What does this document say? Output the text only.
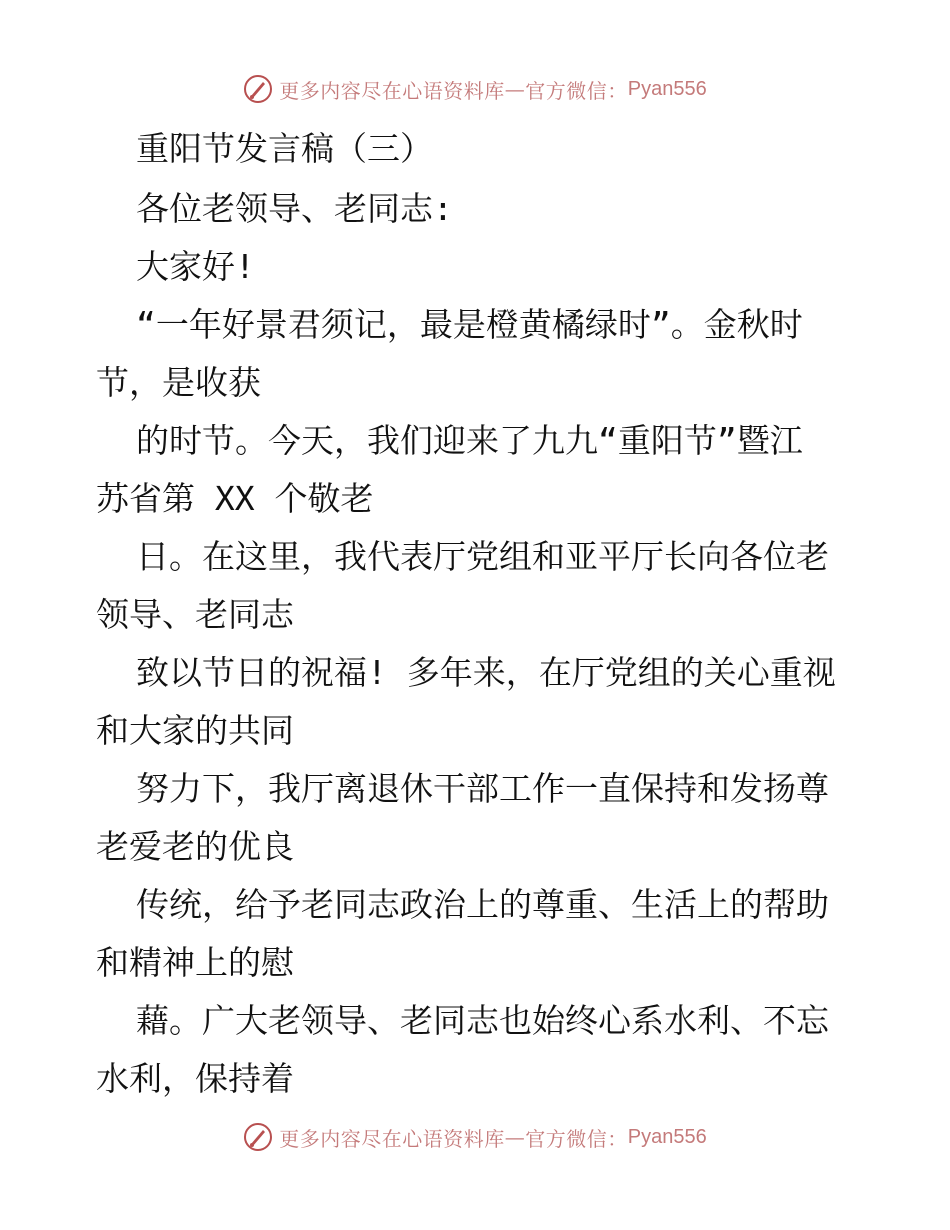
更多内容尽在心语资料库 — 官方微信： Pyan556
重阳节发言稿（三）
各位老领导、老同志:
大家好!
“一年好景君须记，最是橙黄橘绿时”。金秋时
节，是收获
的时节。今天，我们迎来了九九“重阳节”暨江
苏省第 XX 个敬老
日。在这里，我代表厅党组和亚平厅长向各位老
领导、老同志
致以节日的祝福! 多年来，在厅党组的关心重视
和大家的共同
努力下，我厅离退休干部工作一直保持和发扬尊
老爱老的优良
传统，给予老同志政治上的尊重、生活上的帮助
和精神上的慰
藉。广大老领导、老同志也始终心系水利、不忘
水利，保持着
更多内容尽在心语资料库 — 官方微信： Pyan556
